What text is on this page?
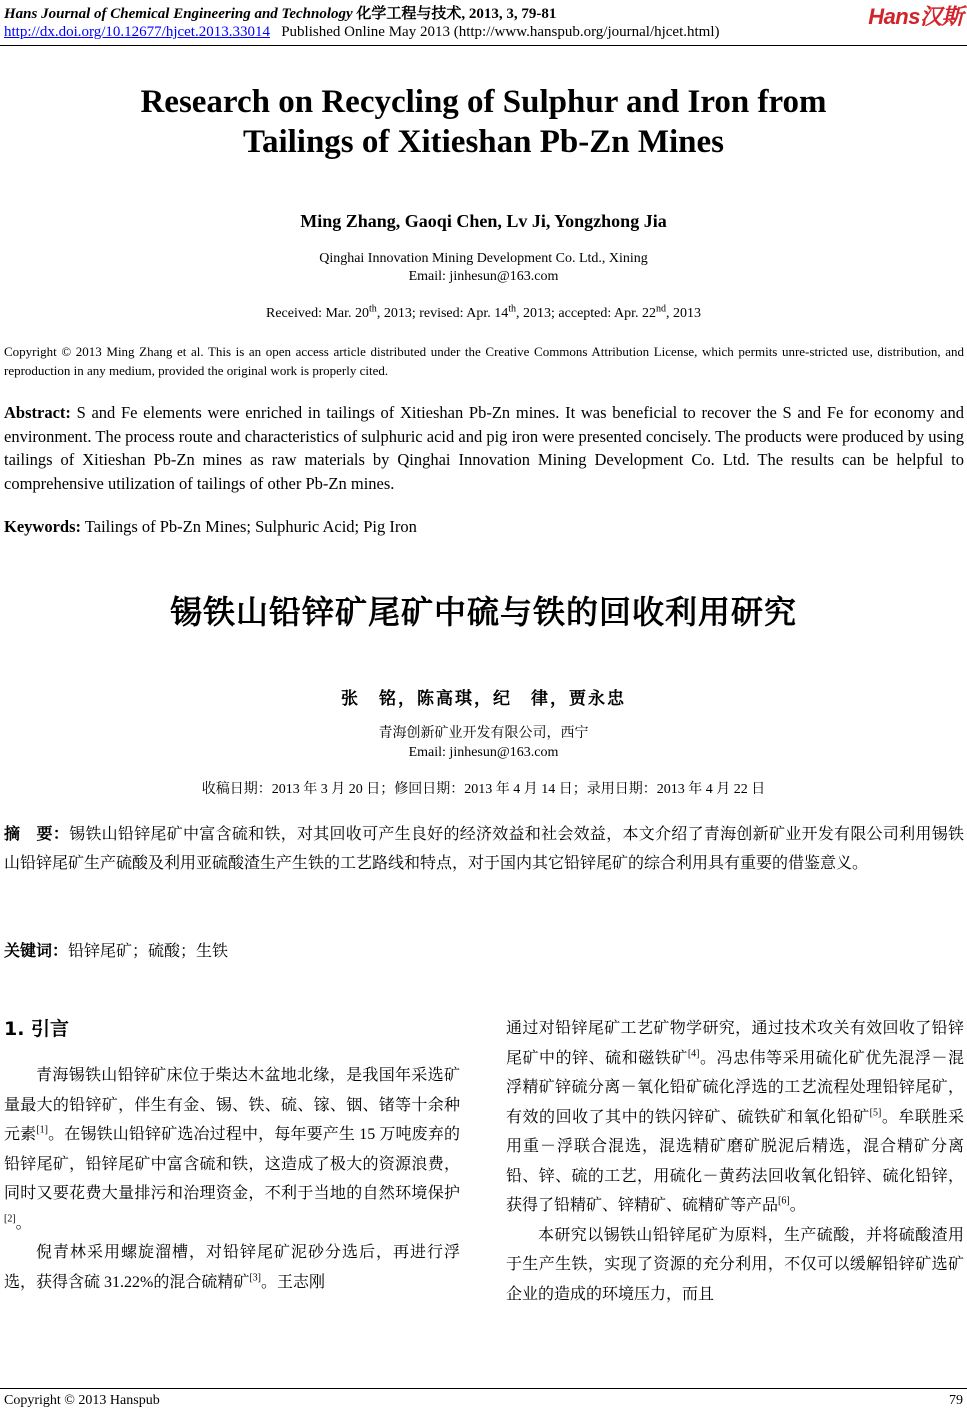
Hans Journal of Chemical Engineering and Technology 化学工程与技术, 2013, 3, 79-81
http://dx.doi.org/10.12677/hjcet.2013.33014 Published Online May 2013 (http://www.hanspub.org/journal/hjcet.html)
Hans汉斯
Research on Recycling of Sulphur and Iron from
Tailings of Xitieshan Pb-Zn Mines
Ming Zhang, Gaoqi Chen, Lv Ji, Yongzhong Jia
Qinghai Innovation Mining Development Co. Ltd., Xining
Email: jinhesun@163.com
Received: Mar. 20th, 2013; revised: Apr. 14th, 2013; accepted: Apr. 22nd, 2013
Copyright © 2013 Ming Zhang et al. This is an open access article distributed under the Creative Commons Attribution License, which permits unre-stricted use, distribution, and reproduction in any medium, provided the original work is properly cited.
Abstract: S and Fe elements were enriched in tailings of Xitieshan Pb-Zn mines. It was beneficial to recover the S and Fe for economy and environment. The process route and characteristics of sulphuric acid and pig iron were presented concisely. The products were produced by using tailings of Xitieshan Pb-Zn mines as raw materials by Qinghai Innovation Mining Development Co. Ltd. The results can be helpful to comprehensive utilization of tailings of other Pb-Zn mines.
Keywords: Tailings of Pb-Zn Mines; Sulphuric Acid; Pig Iron
锡铁山铅锌矿尾矿中硫与铁的回收利用研究
张　铭，陈高琪，纪　律，贾永忠
青海创新矿业开发有限公司，西宁
Email: jinhesun@163.com
收稿日期：2013 年 3 月 20 日；修回日期：2013 年 4 月 14 日；录用日期：2013 年 4 月 22 日
摘　要：锡铁山铅锌尾矿中富含硫和铁，对其回收可产生良好的经济效益和社会效益，本文介绍了青海创新矿业开发有限公司利用锡铁山铅锌尾矿生产硫酸及利用亚硫酸渣生产生铁的工艺路线和特点，对于国内其它铅锌尾矿的综合利用具有重要的借鉴意义。
关键词：铅锌尾矿；硫酸；生铁
1. 引言

青海锡铁山铅锌矿床位于柴达木盆地北缘，是我国年采选矿量最大的铅锌矿，伴生有金、锡、铁、硫、镓、铟、锗等十余种元素[1]。在锡铁山铅锌矿选冶过程中，每年要产生 15 万吨废弃的铅锌尾矿，铅锌尾矿中富含硫和铁，这造成了极大的资源浪费，同时又要花费大量排污和治理资金，不利于当地的自然环境保护[2]。

倪青林采用螺旋溜槽，对铅锌尾矿泥砂分选后，再进行浮选，获得含硫 31.22%的混合硫精矿[3]。王志刚

通过对铅锌尾矿工艺矿物学研究，通过技术攻关有效回收了铅锌尾矿中的锌、硫和磁铁矿[4]。冯忠伟等采用硫化矿优先混浮－混浮精矿锌硫分离－氧化铅矿硫化浮选的工艺流程处理铅锌尾矿，有效的回收了其中的铁闪锌矿、硫铁矿和氧化铅矿[5]。牟联胜采用重－浮联合混选，混选精矿磨矿脱泥后精选，混合精矿分离铅、锌、硫的工艺，用硫化－黄药法回收氧化铅锌、硫化铅锌，获得了铅精矿、锌精矿、硫精矿等产品[6]。

本研究以锡铁山铅锌尾矿为原料，生产硫酸，并将硫酸渣用于生产生铁，实现了资源的充分利用，不仅可以缓解铅锌矿选矿企业的造成的环境压力，而且

Copyright © 2013 Hanspub	79
